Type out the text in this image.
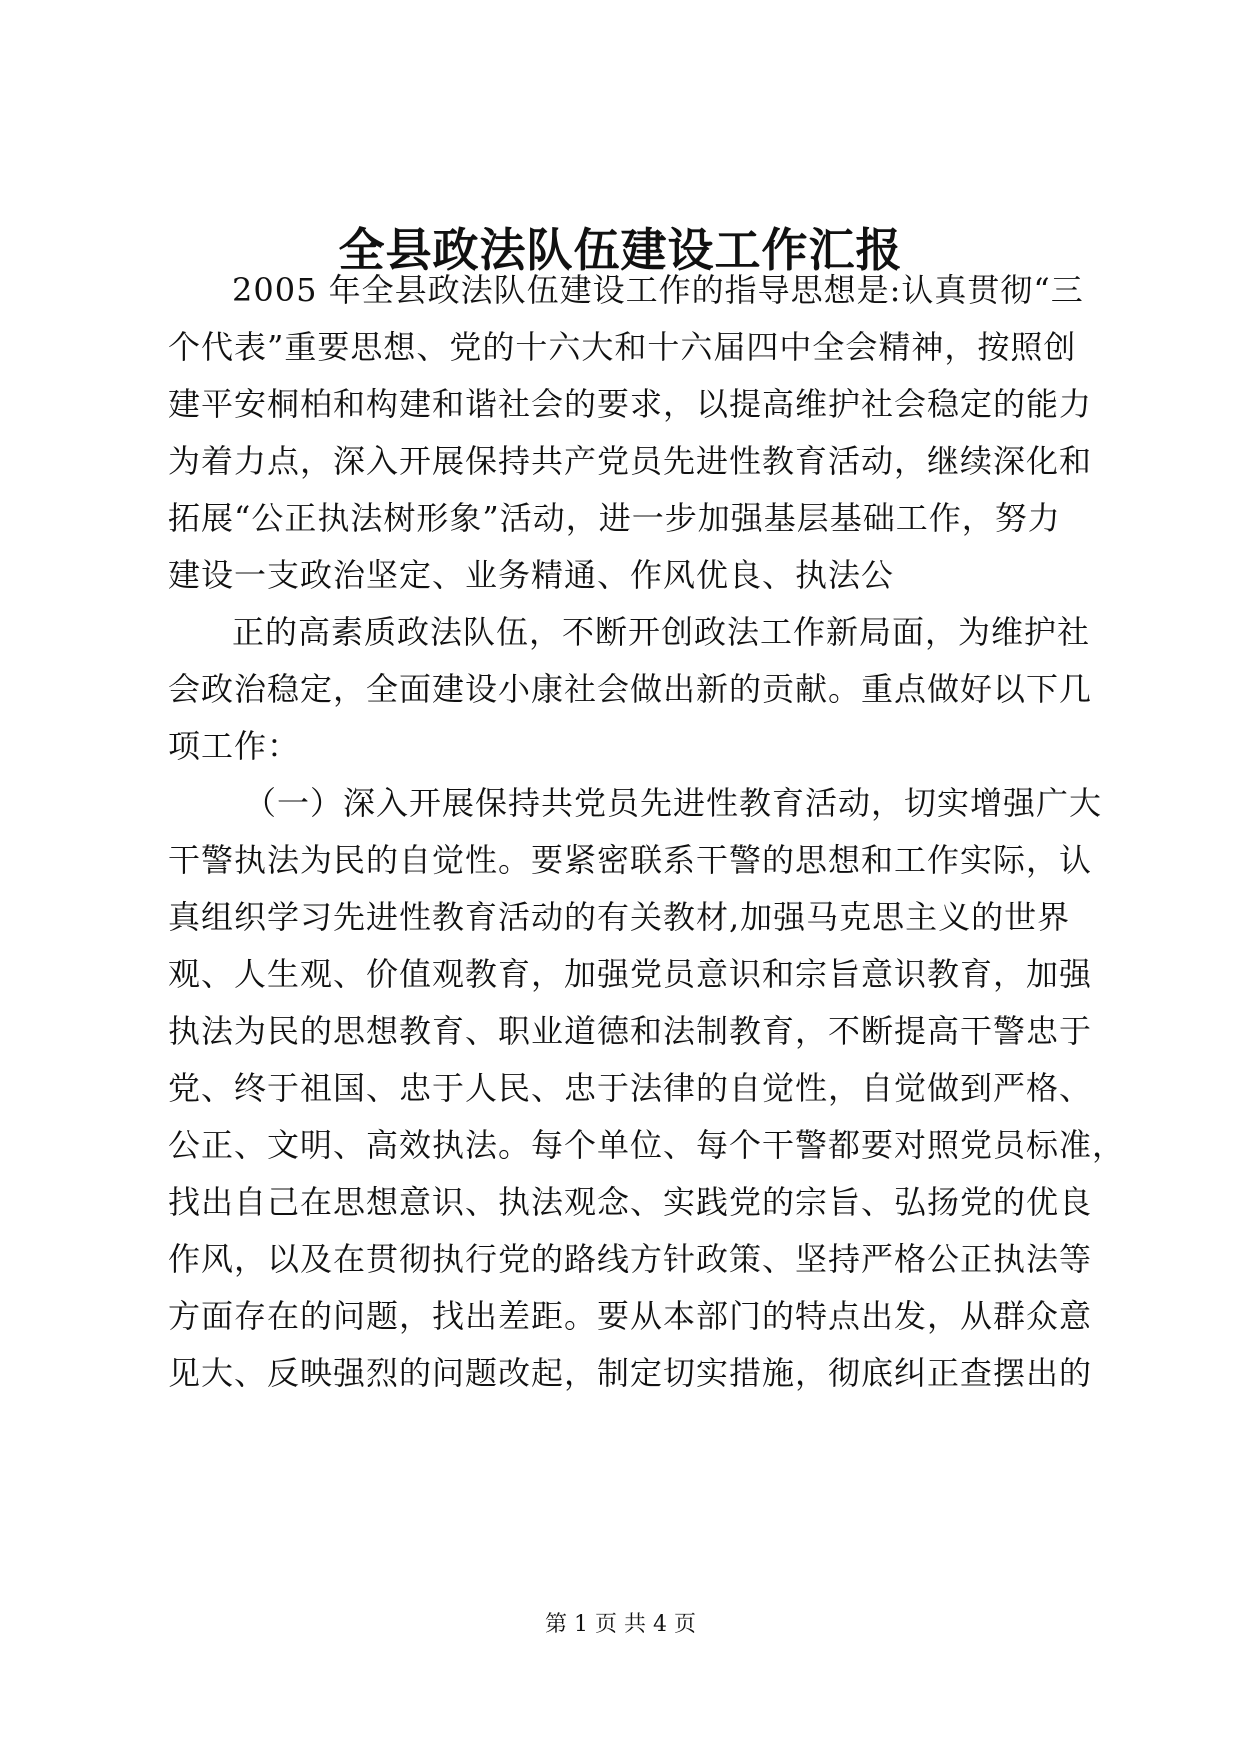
全县政法队伍建设工作汇报
2005 年全县政法队伍建设工作的指导思想是:认真贯彻“三
个代表”重要思想、党的十六大和十六届四中全会精神，按照创
建平安桐柏和构建和谐社会的要求，以提高维护社会稳定的能力
为着力点，深入开展保持共产党员先进性教育活动，继续深化和
拓展“公正执法树形象”活动，进一步加强基层基础工作，努力
建设一支政治坚定、业务精通、作风优良、执法公
正的高素质政法队伍，不断开创政法工作新局面，为维护社
会政治稳定，全面建设小康社会做出新的贡献。重点做好以下几
项工作：
（一）深入开展保持共党员先进性教育活动，切实增强广大
干警执法为民的自觉性。要紧密联系干警的思想和工作实际，认
真组织学习先进性教育活动的有关教材,加强马克思主义的世界
观、人生观、价值观教育，加强党员意识和宗旨意识教育，加强
执法为民的思想教育、职业道德和法制教育，不断提高干警忠于
党、终于祖国、忠于人民、忠于法律的自觉性，自觉做到严格、
公正、文明、高效执法。每个单位、每个干警都要对照党员标准，
找出自己在思想意识、执法观念、实践党的宗旨、弘扬党的优良
作风，以及在贯彻执行党的路线方针政策、坚持严格公正执法等
方面存在的问题，找出差距。要从本部门的特点出发，从群众意
见大、反映强烈的问题改起，制定切实措施，彻底纠正查摆出的
第 1 页 共 4 页
